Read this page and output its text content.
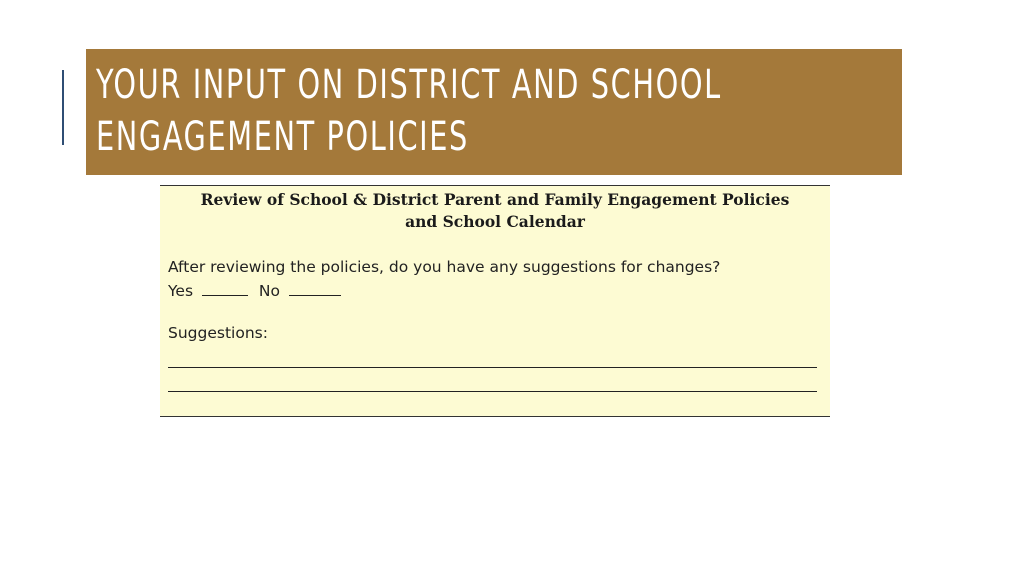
YOUR INPUT ON DISTRICT AND SCHOOL
ENGAGEMENT POLICIES
Review of School & District Parent and Family Engagement Policies
and School Calendar
After reviewing the policies, do you have any suggestions for changes?
Yes	No
Suggestions:
